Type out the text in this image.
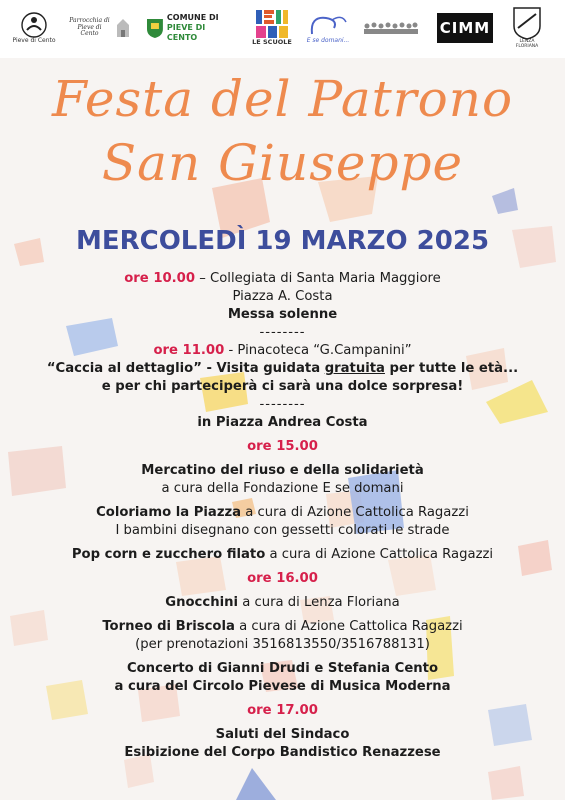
Pieve di Cento
Parrocchia di Pieve di Cento
COMUNE DI
PIEVE DI CENTO
LE SCUOLE E se domani...
CIMM
LENZA FLORIANA
Festa del Patrono
San Giuseppe
MERCOLEDÌ 19 MARZO 2025
ore 10.00 – Collegiata di Santa Maria Maggiore
Piazza A. Costa
Messa solenne
--------
ore 11.00 - Pinacoteca “G.Campanini”
“Caccia al dettaglio” - Visita guidata gratuita per tutte le età...
e per chi parteciperà ci sarà una dolce sorpresa!
--------
in Piazza Andrea Costa
ore 15.00
Mercatino del riuso e della solidarietà
a cura della Fondazione E se domani
Coloriamo la Piazza a cura di Azione Cattolica Ragazzi
I bambini disegnano con gessetti colorati le strade
Pop corn e zucchero filato a cura di Azione Cattolica Ragazzi
ore 16.00
Gnocchini a cura di Lenza Floriana
Torneo di Briscola a cura di Azione Cattolica Ragazzi
(per prenotazioni 3516813550/3516788131)
Concerto di Gianni Drudi e Stefania Cento
a cura del Circolo Pievese di Musica Moderna
ore 17.00
Saluti del Sindaco
Esibizione del Corpo Bandistico Renazzese
